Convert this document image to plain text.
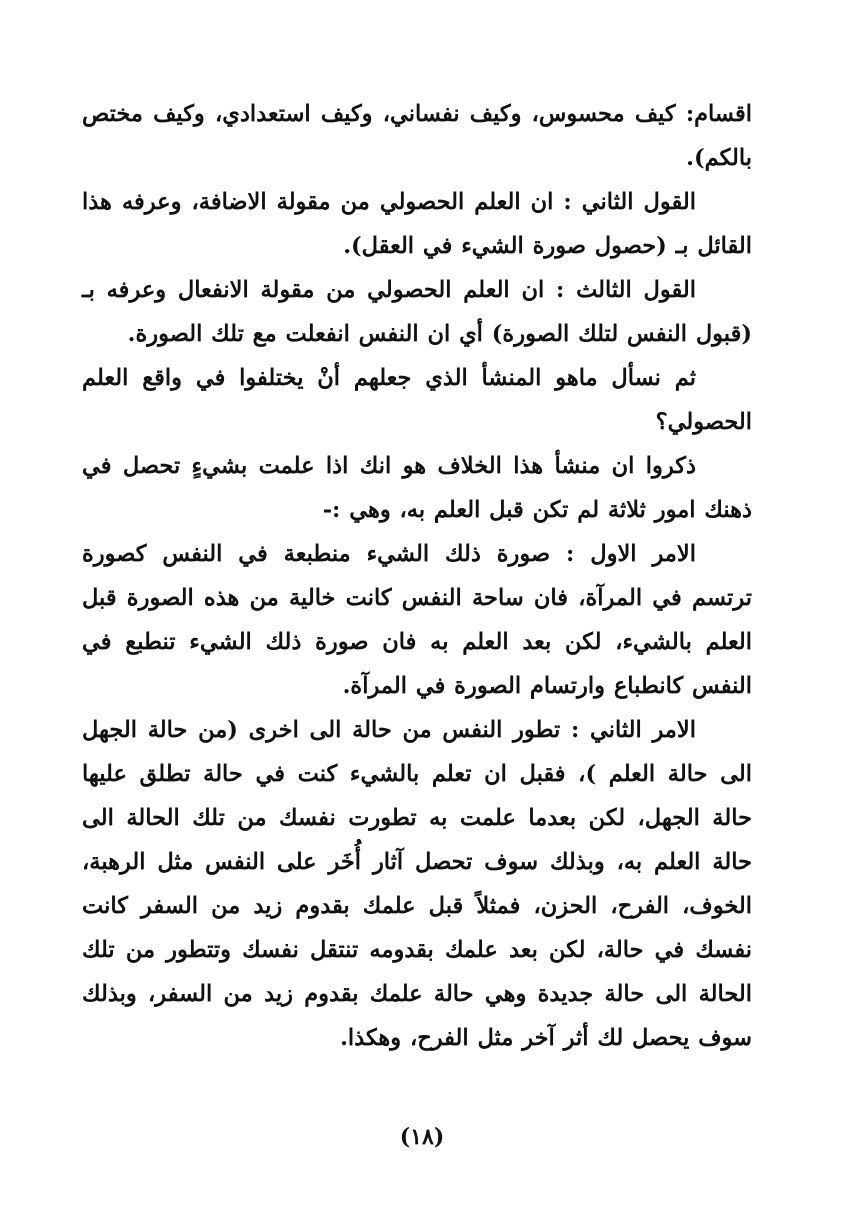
اقسام: كيف محسوس، وكيف نفساني، وكيف استعدادي، وكيف مختص بالكم).

القول الثاني : ان العلم الحصولي من مقولة الاضافة، وعرفه هذا القائل بـ (حصول صورة الشيء في العقل).

القول الثالث : ان العلم الحصولي من مقولة الانفعال وعرفه بـ (قبول النفس لتلك الصورة) أي ان النفس انفعلت مع تلك الصورة.

ثم نسأل ماهو المنشأ الذي جعلهم أنْ يختلفوا في واقع العلم الحصولي؟

ذكروا ان منشأ هذا الخلاف هو انك اذا علمت بشيءٍ تحصل في ذهنك امور ثلاثة لم تكن قبل العلم به، وهي :-

الامر الاول : صورة ذلك الشيء منطبعة في النفس كصورة ترتسم في المرآة، فان ساحة النفس كانت خالية من هذه الصورة قبل العلم بالشيء، لكن بعد العلم به فان صورة ذلك الشيء تنطبع في النفس كانطباع وارتسام الصورة في المرآة.

الامر الثاني : تطور النفس من حالة الى اخرى (من حالة الجهل الى حالة العلم )، فقبل ان تعلم بالشيء كنت في حالة تطلق عليها حالة الجهل، لكن بعدما علمت به تطورت نفسك من تلك الحالة الى حالة العلم به، وبذلك سوف تحصل آثار أُخَر على النفس مثل الرهبة، الخوف، الفرح، الحزن، فمثلاً قبل علمك بقدوم زيد من السفر كانت نفسك في حالة، لكن بعد علمك بقدومه تنتقل نفسك وتتطور من تلك الحالة الى حالة جديدة وهي حالة علمك بقدوم زيد من السفر، وبذلك سوف يحصل لك أثر آخر مثل الفرح، وهكذا.

(١٨)
